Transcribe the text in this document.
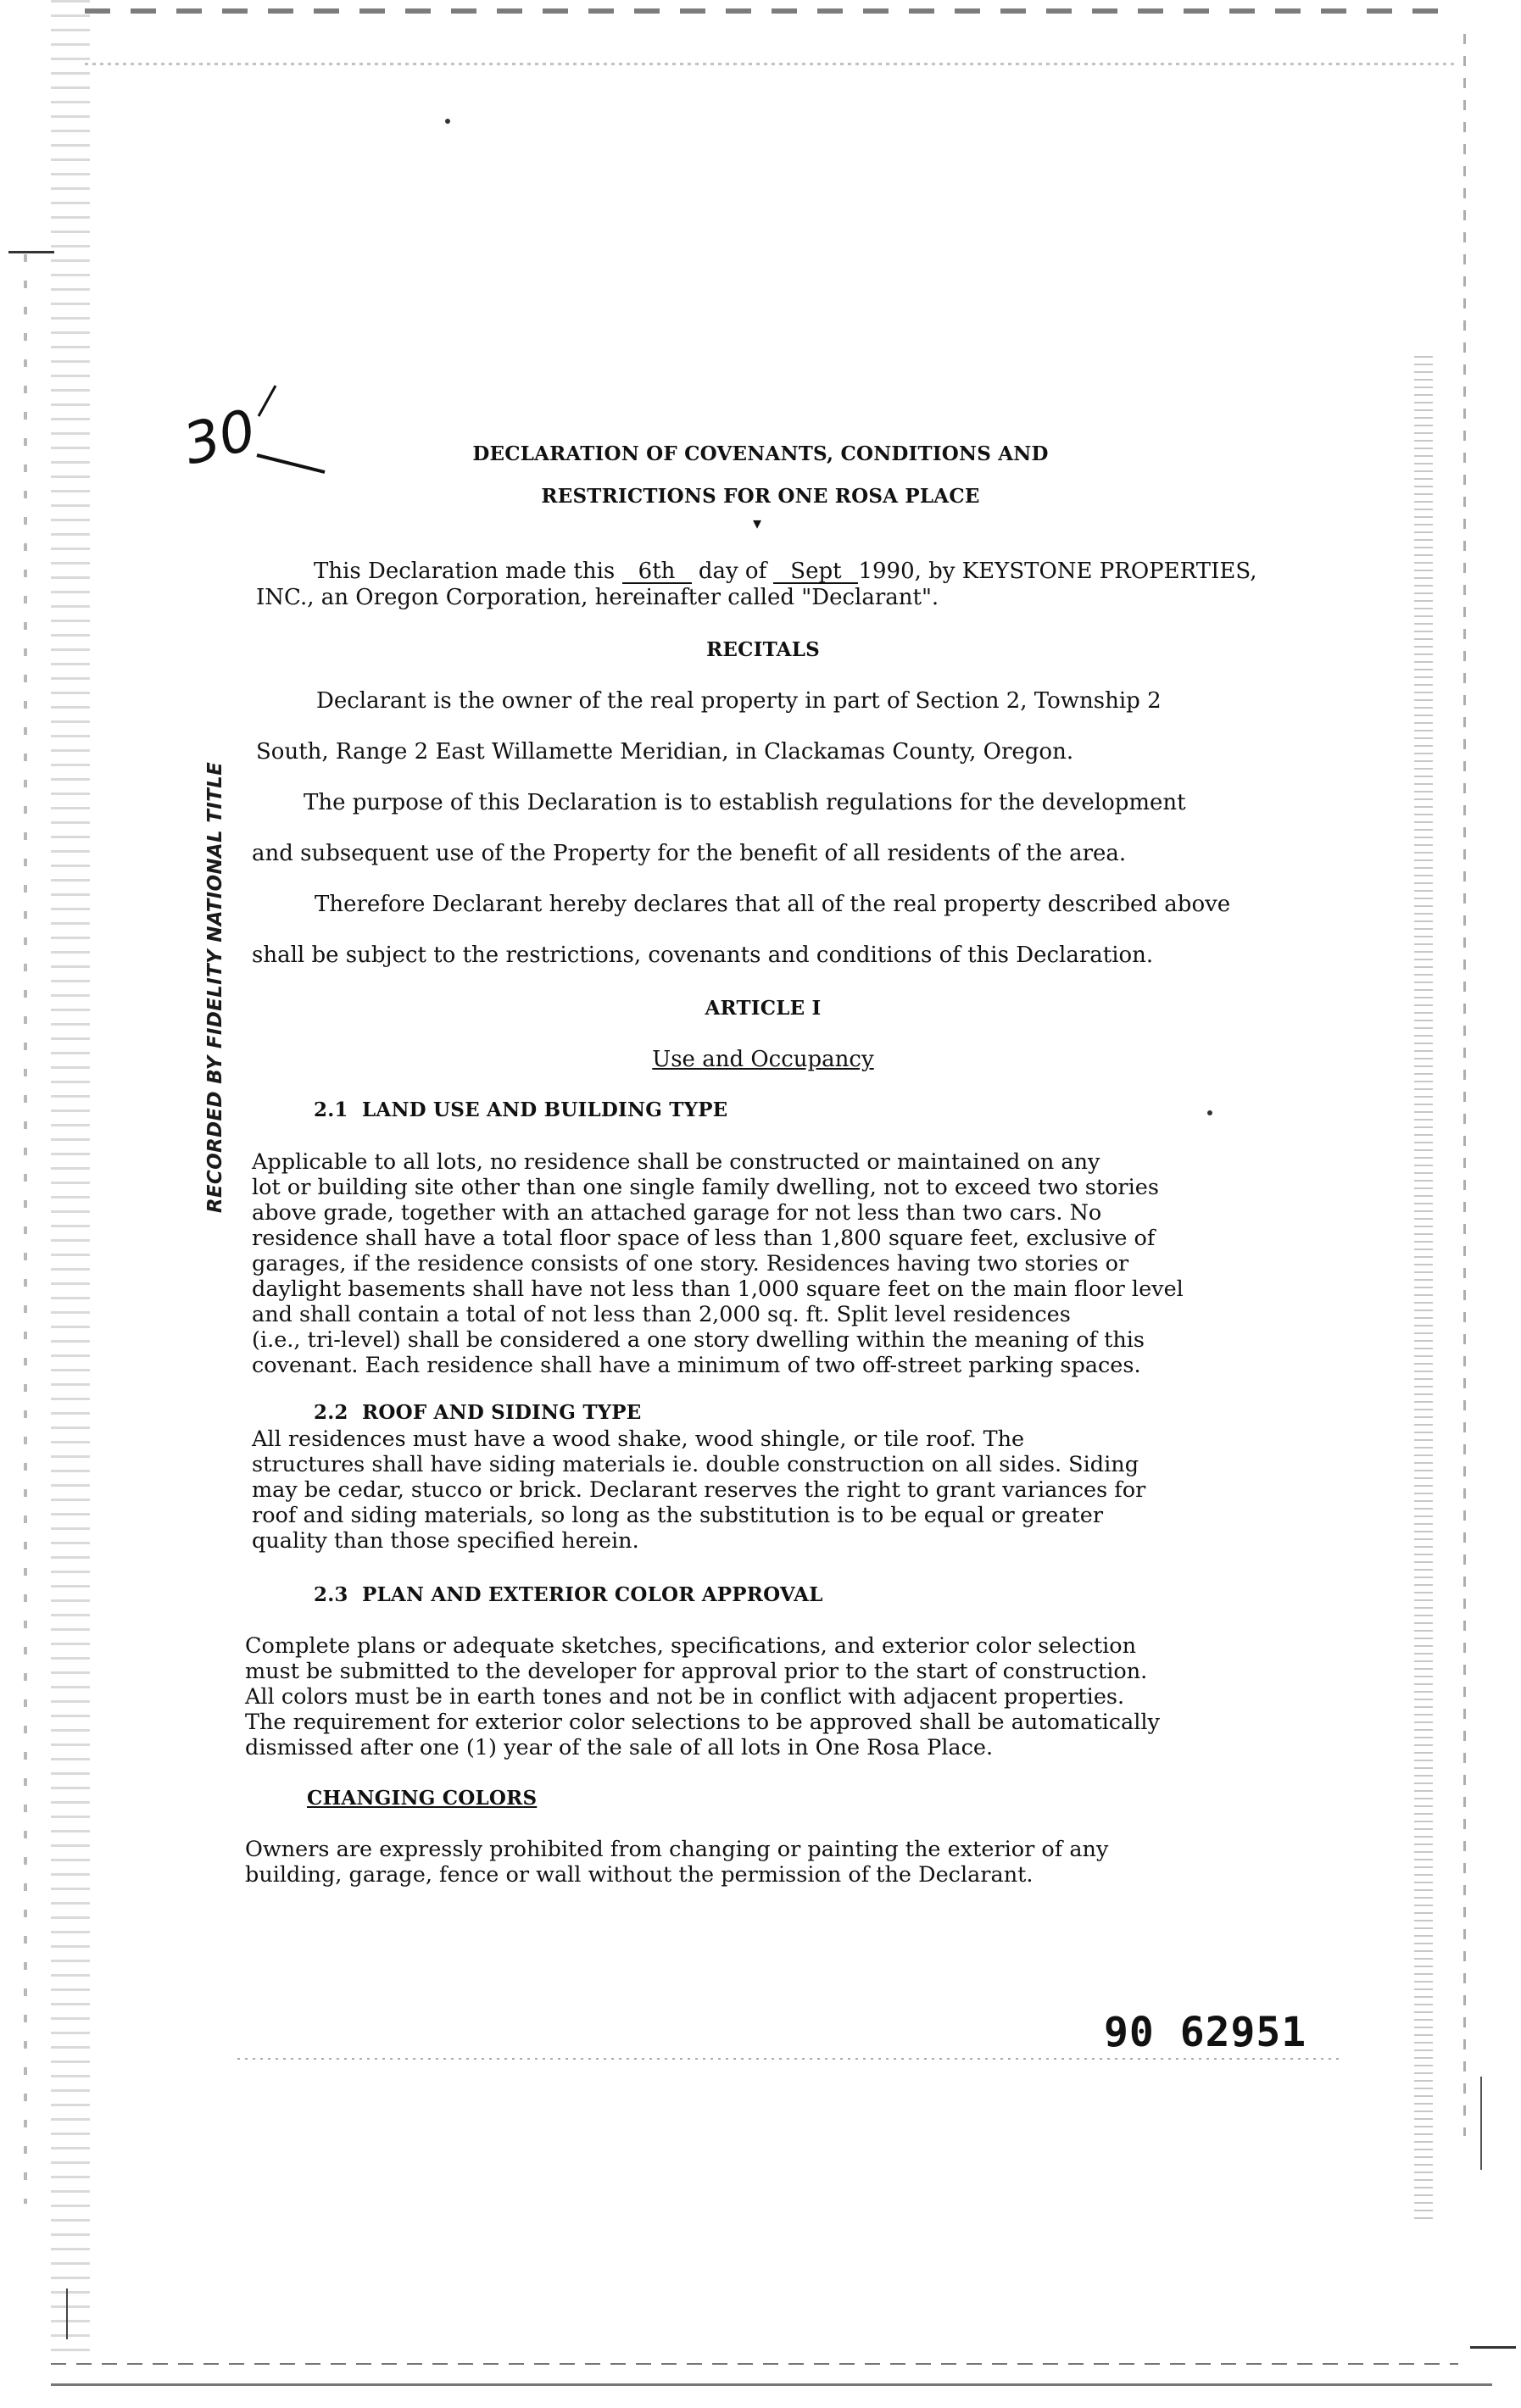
30
RECORDED BY FIDELITY NATIONAL TITLE
DECLARATION OF COVENANTS, CONDITIONS AND
RESTRICTIONS FOR ONE ROSA PLACE
▾
This Declaration made this 6th day of Sept 1990, by KEYSTONE PROPERTIES,
INC., an Oregon Corporation, hereinafter called "Declarant".
RECITALS
Declarant is the owner of the real property in part of Section 2, Township 2
South, Range 2 East Willamette Meridian, in Clackamas County, Oregon.
The purpose of this Declaration is to establish regulations for the development
and subsequent use of the Property for the benefit of all residents of the area.
Therefore Declarant hereby declares that all of the real property described above
shall be subject to the restrictions, covenants and conditions of this Declaration.
ARTICLE I
Use and Occupancy
2.1  LAND USE AND BUILDING TYPE
Applicable to all lots, no residence shall be constructed or maintained on any
lot or building site other than one single family dwelling, not to exceed two stories
above grade, together with an attached garage for not less than two cars. No
residence shall have a total floor space of less than 1,800 square feet, exclusive of
garages, if the residence consists of one story. Residences having two stories or
daylight basements shall have not less than 1,000 square feet on the main floor level
and shall contain a total of not less than 2,000 sq. ft. Split level residences
(i.e., tri-level) shall be considered a one story dwelling within the meaning of this
covenant. Each residence shall have a minimum of two off-street parking spaces.
2.2  ROOF AND SIDING TYPE
All residences must have a wood shake, wood shingle, or tile roof. The
structures shall have siding materials ie. double construction on all sides. Siding
may be cedar, stucco or brick. Declarant reserves the right to grant variances for
roof and siding materials, so long as the substitution is to be equal or greater
quality than those specified herein.
2.3  PLAN AND EXTERIOR COLOR APPROVAL
Complete plans or adequate sketches, specifications, and exterior color selection
must be submitted to the developer for approval prior to the start of construction.
All colors must be in earth tones and not be in conflict with adjacent properties.
The requirement for exterior color selections to be approved shall be automatically
dismissed after one (1) year of the sale of all lots in One Rosa Place.
CHANGING COLORS
Owners are expressly prohibited from changing or painting the exterior of any
building, garage, fence or wall without the permission of the Declarant.
90 62951
